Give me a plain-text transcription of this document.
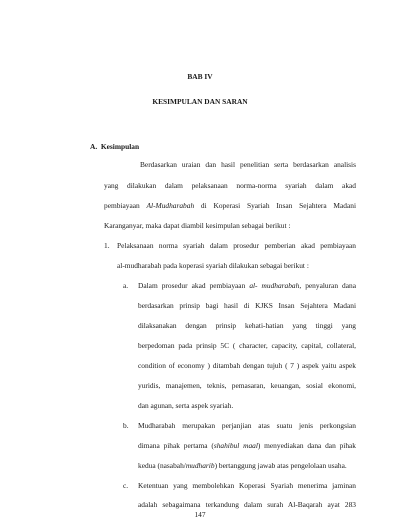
BAB IV
KESIMPULAN DAN SARAN
A. Kesimpulan
Berdasarkan uraian dan hasil penelitian serta berdasarkan analisis
yang dilakukan dalam pelaksanaan norma-norma syariah dalam akad
pembiayaan Al-Mudharabah di Koperasi Syariah Insan Sejahtera Madani
Karanganyar, maka dapat diambil kesimpulan sebagai berikut :
1. Pelaksanaan norma syariah dalam prosedur pemberian akad pembiayaan
al-mudharabah pada koperasi syariah dilakukan sebagai berikut :
a. Dalam prosedur akad pembiayaan al- mudharabah, penyaluran dana
berdasarkan prinsip bagi hasil di KJKS Insan Sejahtera Madani
dilaksanakan dengan prinsip kehati-hatian yang tinggi yang
berpedoman pada prinsip 5C ( character, capacity, capital, collateral,
condition of economy ) ditambah dengan tujuh ( 7 ) aspek yaitu aspek
yuridis, manajemen, teknis, pemasaran, keuangan, sosial ekonomi,
dan agunan, serta aspek syariah.
b. Mudharabah merupakan perjanjian atas suatu jenis perkongsian
dimana pihak pertama (shahibul maal) menyediakan dana dan pihak
kedua (nasabah/mudharib) bertanggung jawab atas pengelolaan usaha.
c. Ketentuan yang membolehkan Koperasi Syariah menerima jaminan
adalah sebagaimana terkandung dalam surah Al-Baqarah ayat 283
147
